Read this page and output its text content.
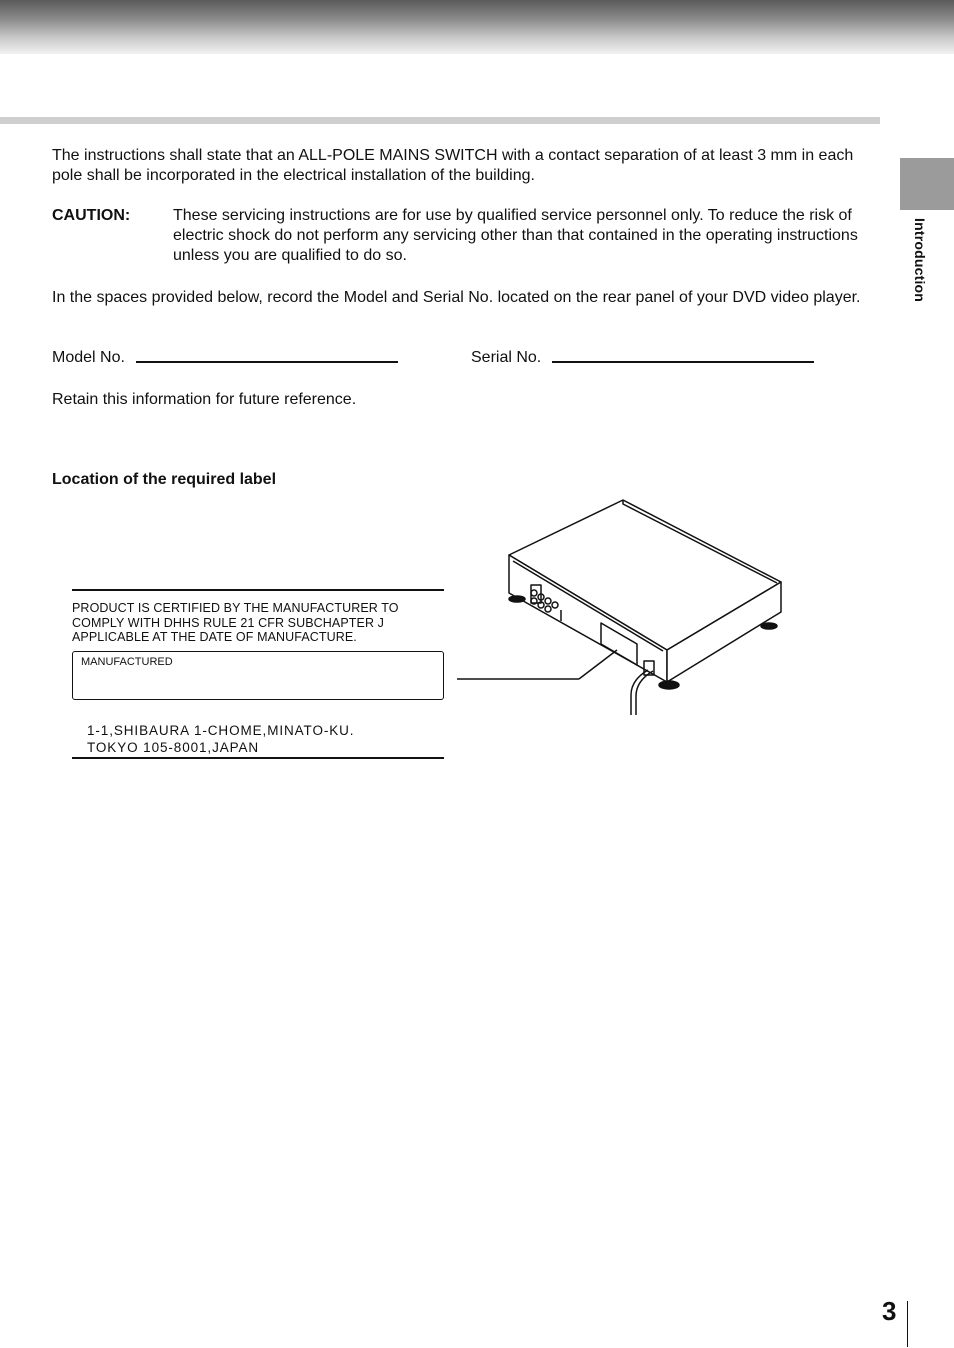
Introduction

The instructions shall state that an ALL-POLE MAINS SWITCH with a contact separation of at least 3 mm in each pole shall be incorporated in the electrical installation of the building.

CAUTION:	These servicing instructions are for use by qualified service personnel only. To reduce the risk of electric shock do not perform any servicing other than that contained in the operating instructions unless you are qualified to do so.

In the spaces provided below, record the Model and Serial No. located on the rear panel of your DVD video player.

Model No.	Serial No.

Retain this information for future reference.

Location of the required label
PRODUCT IS CERTIFIED BY THE MANUFACTURER TO COMPLY WITH DHHS RULE 21 CFR SUBCHAPTER J APPLICABLE AT THE DATE OF MANUFACTURE.
MANUFACTURED
1-1,SHIBAURA 1-CHOME,MINATO-KU.
TOKYO 105-8001,JAPAN
3
